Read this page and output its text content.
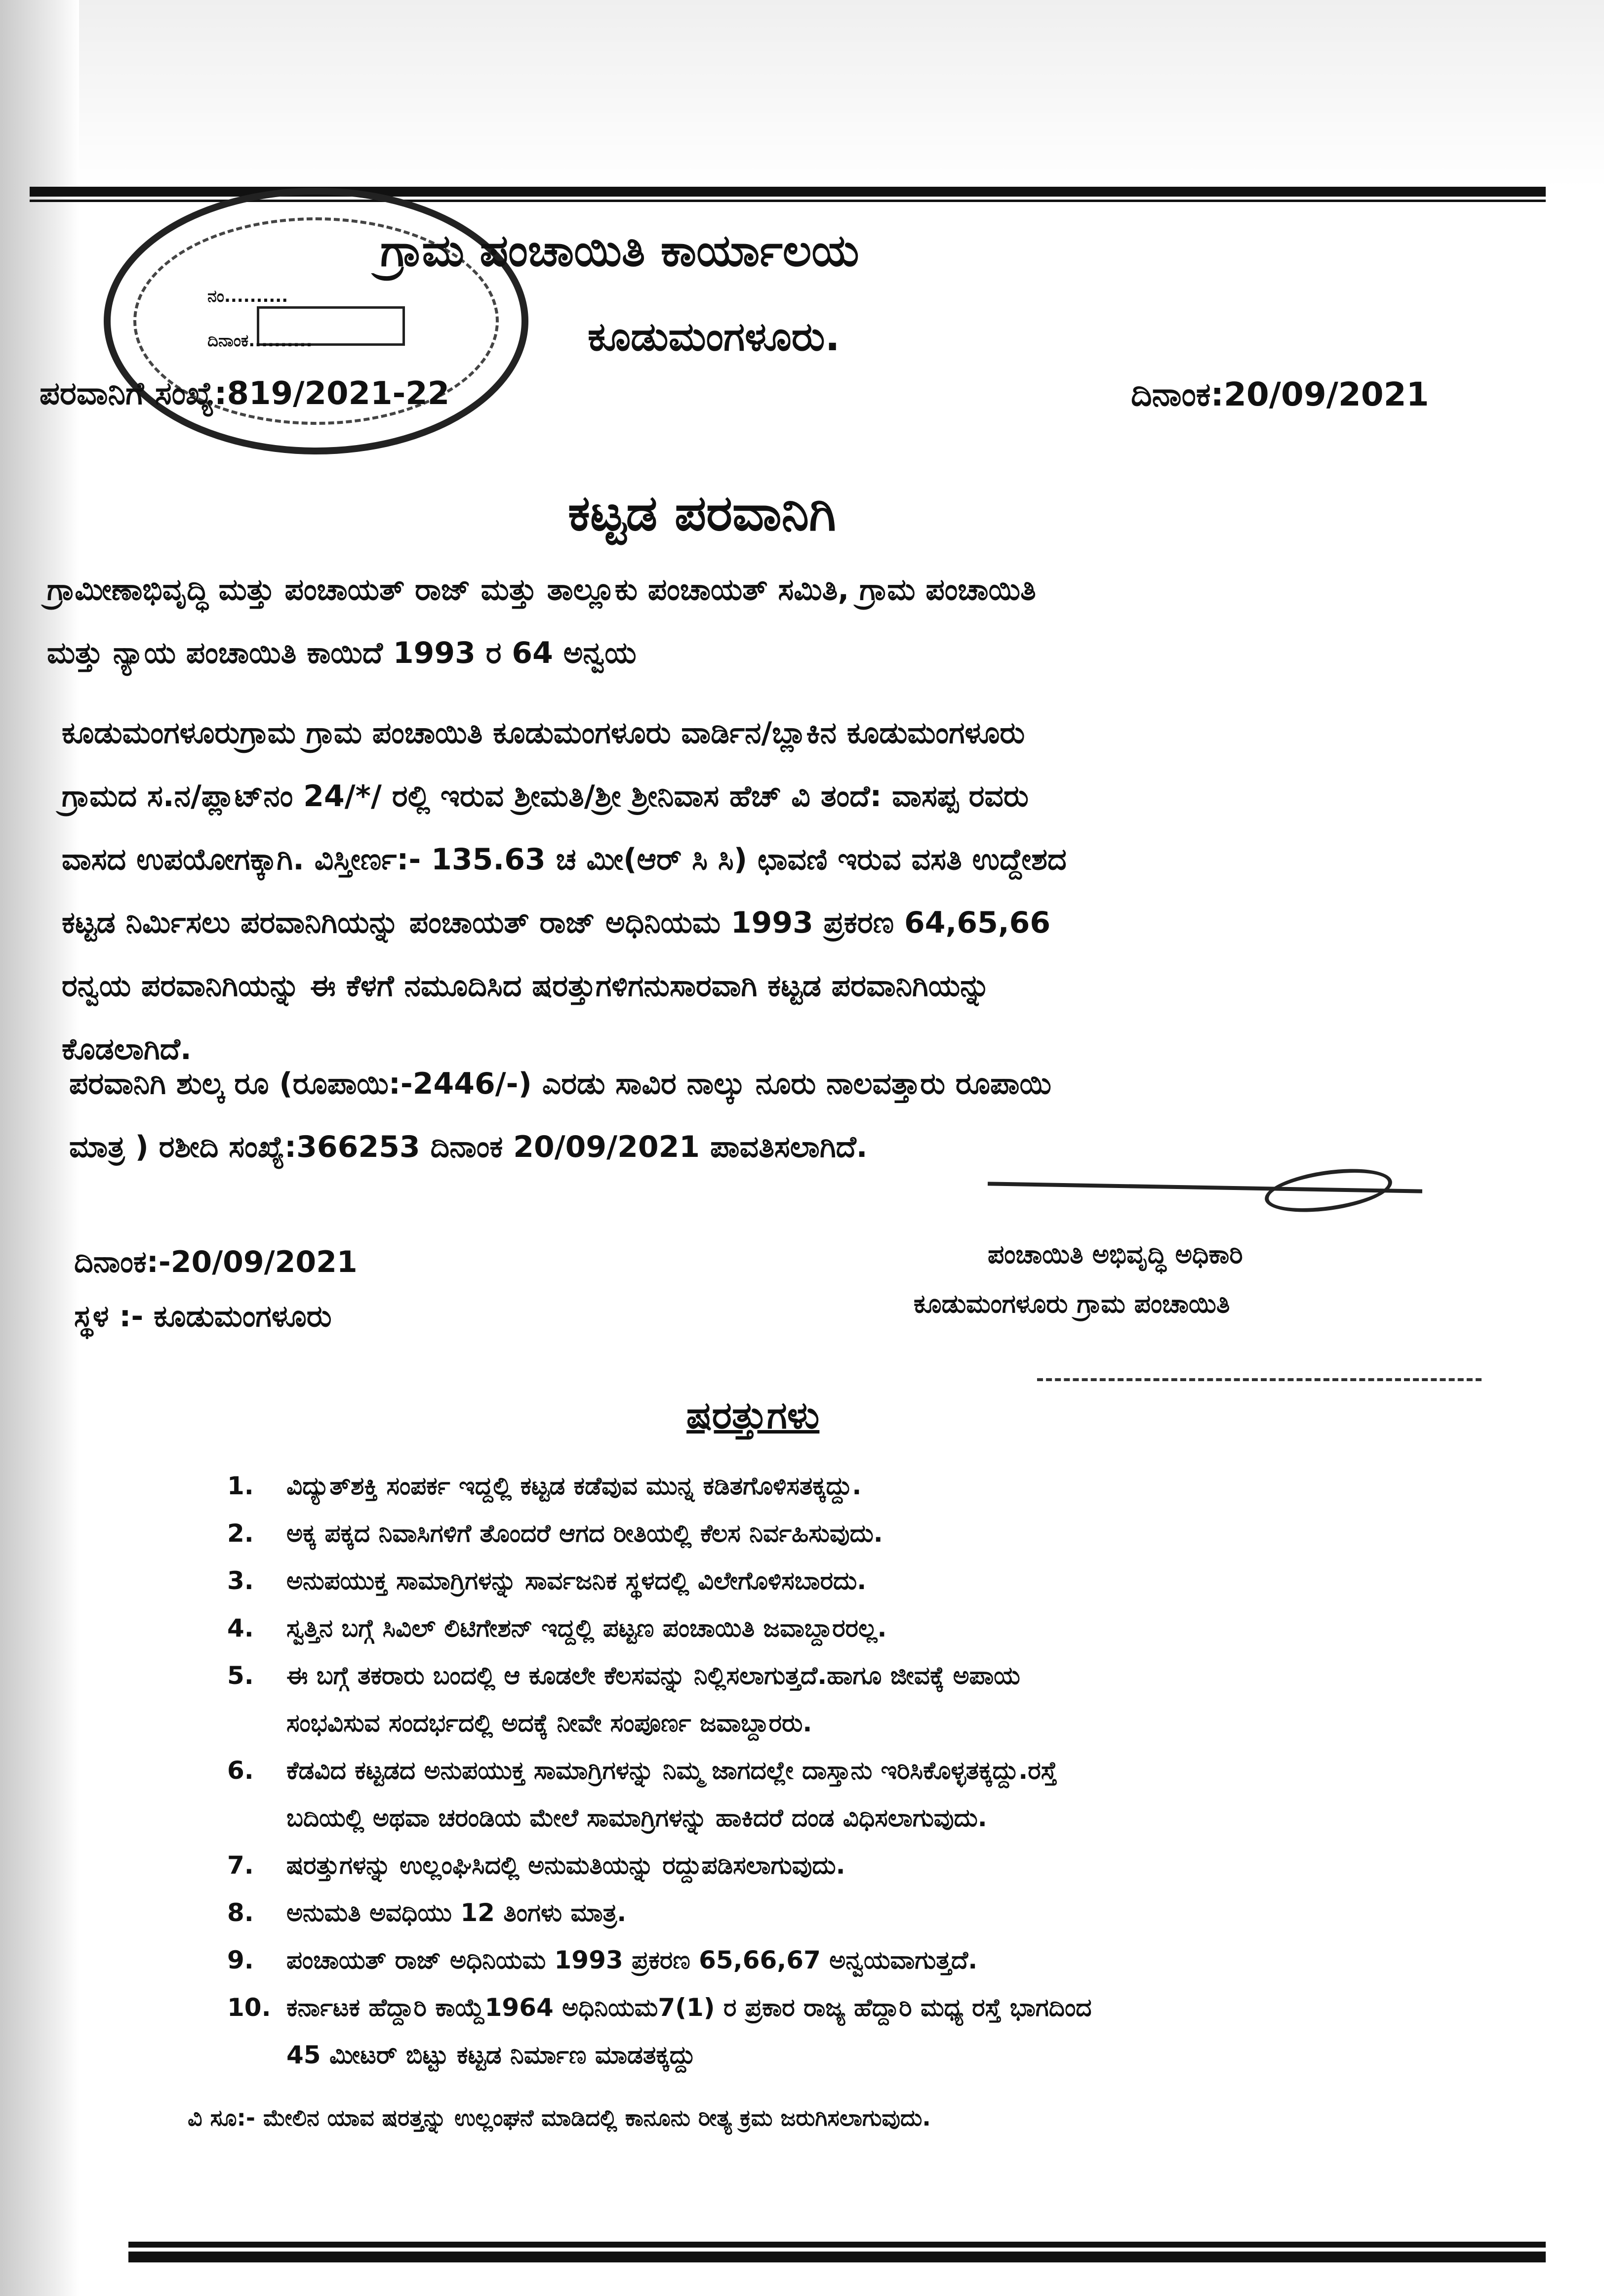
ನಂ..........
ದಿನಾಂಕ..........
ಗ್ರಾಮ ಪಂಚಾಯಿತಿ ಕಾರ್ಯಾಲಯ
ಕೂಡುಮಂಗಳೂರು.
ಪರವಾನಿಗೆ ಸಂಖ್ಯೆ:819/2021-22	ದಿನಾಂಕ:20/09/2021
ಕಟ್ಟಡ ಪರವಾನಿಗಿ
ಗ್ರಾಮೀಣಾಭಿವೃದ್ಧಿ ಮತ್ತು ಪಂಚಾಯತ್ ರಾಜ್ ಮತ್ತು ತಾಲ್ಲೂಕು ಪಂಚಾಯತ್ ಸಮಿತಿ, ಗ್ರಾಮ ಪಂಚಾಯಿತಿ
ಮತ್ತು ನ್ಯಾಯ ಪಂಚಾಯಿತಿ ಕಾಯಿದೆ 1993 ರ 64 ಅನ್ವಯ
ಕೂಡುಮಂಗಳೂರುಗ್ರಾಮ ಗ್ರಾಮ ಪಂಚಾಯಿತಿ ಕೂಡುಮಂಗಳೂರು ವಾರ್ಡಿನ/ಬ್ಲಾಕಿನ ಕೂಡುಮಂಗಳೂರು
ಗ್ರಾಮದ ಸ.ನ/ಪ್ಲಾಟ್‌ನಂ 24/*/ ರಲ್ಲಿ ಇರುವ ಶ್ರೀಮತಿ/ಶ್ರೀ ಶ್ರೀನಿವಾಸ ಹೆಚ್ ವಿ ತಂದೆ: ವಾಸಪ್ಪ ರವರು
ವಾಸದ ಉಪಯೋಗಕ್ಕಾಗಿ. ವಿಸ್ತೀರ್ಣ:- 135.63 ಚ ಮೀ(ಆರ್ ಸಿ ಸಿ) ಛಾವಣಿ ಇರುವ ವಸತಿ ಉದ್ದೇಶದ
ಕಟ್ಟಡ ನಿರ್ಮಿಸಲು ಪರವಾನಿಗಿಯನ್ನು ಪಂಚಾಯತ್ ರಾಜ್ ಅಧಿನಿಯಮ 1993 ಪ್ರಕರಣ 64,65,66
ರನ್ವಯ ಪರವಾನಿಗಿಯನ್ನು ಈ ಕೆಳಗೆ ನಮೂದಿಸಿದ ಷರತ್ತುಗಳಿಗನುಸಾರವಾಗಿ ಕಟ್ಟಡ ಪರವಾನಿಗಿಯನ್ನು
ಕೊಡಲಾಗಿದೆ.
ಪರವಾನಿಗಿ ಶುಲ್ಕ ರೂ (ರೂಪಾಯಿ:-2446/-) ಎರಡು ಸಾವಿರ ನಾಲ್ಕು ನೂರು ನಾಲವತ್ತಾರು ರೂಪಾಯಿ
ಮಾತ್ರ ) ರಶೀದಿ ಸಂಖ್ಯೆ:366253 ದಿನಾಂಕ 20/09/2021 ಪಾವತಿಸಲಾಗಿದೆ.
ಪಂಚಾಯಿತಿ ಅಭಿವೃದ್ಧಿ ಅಧಿಕಾರಿ
ಕೂಡುಮಂಗಳೂರು ಗ್ರಾಮ ಪಂಚಾಯಿತಿ
ದಿನಾಂಕ:-20/09/2021
ಸ್ಥಳ :- ಕೂಡುಮಂಗಳೂರು
ಷರತ್ತುಗಳು
1. ವಿದ್ಯುತ್‌ಶಕ್ತಿ ಸಂಪರ್ಕ ಇದ್ದಲ್ಲಿ ಕಟ್ಟಡ ಕಡೆವುವ ಮುನ್ನ ಕಡಿತಗೊಳಿಸತಕ್ಕದ್ದು.
2. ಅಕ್ಕ ಪಕ್ಕದ ನಿವಾಸಿಗಳಿಗೆ ತೊಂದರೆ ಆಗದ ರೀತಿಯಲ್ಲಿ ಕೆಲಸ ನಿರ್ವಹಿಸುವುದು.
3. ಅನುಪಯುಕ್ತ ಸಾಮಾಗ್ರಿಗಳನ್ನು ಸಾರ್ವಜನಿಕ ಸ್ಥಳದಲ್ಲಿ ವಿಲೇಗೊಳಿಸಬಾರದು.
4. ಸ್ವತ್ತಿನ ಬಗ್ಗೆ ಸಿವಿಲ್ ಲಿಟಿಗೇಶನ್ ಇದ್ದಲ್ಲಿ ಪಟ್ಟಣ ಪಂಚಾಯಿತಿ ಜವಾಬ್ದಾರರಲ್ಲ.
5. ಈ ಬಗ್ಗೆ ತಕರಾರು ಬಂದಲ್ಲಿ ಆ ಕೂಡಲೇ ಕೆಲಸವನ್ನು ನಿಲ್ಲಿಸಲಾಗುತ್ತದೆ.ಹಾಗೂ ಜೀವಕ್ಕೆ ಅಪಾಯ
ಸಂಭವಿಸುವ ಸಂದರ್ಭದಲ್ಲಿ ಅದಕ್ಕೆ ನೀವೇ ಸಂಪೂರ್ಣ ಜವಾಬ್ದಾರರು.
6. ಕೆಡವಿದ ಕಟ್ಟಡದ ಅನುಪಯುಕ್ತ ಸಾಮಾಗ್ರಿಗಳನ್ನು ನಿಮ್ಮ ಜಾಗದಲ್ಲೇ ದಾಸ್ತಾನು ಇರಿಸಿಕೊಳ್ಳತಕ್ಕದ್ದು.ರಸ್ತೆ
ಬದಿಯಲ್ಲಿ ಅಥವಾ ಚರಂಡಿಯ ಮೇಲೆ ಸಾಮಾಗ್ರಿಗಳನ್ನು ಹಾಕಿದರೆ ದಂಡ ವಿಧಿಸಲಾಗುವುದು.
7. ಷರತ್ತುಗಳನ್ನು ಉಲ್ಲಂಘಿಸಿದಲ್ಲಿ ಅನುಮತಿಯನ್ನು ರದ್ದುಪಡಿಸಲಾಗುವುದು.
8. ಅನುಮತಿ ಅವಧಿಯು 12 ತಿಂಗಳು ಮಾತ್ರ.
9. ಪಂಚಾಯತ್ ರಾಜ್ ಅಧಿನಿಯಮ 1993 ಪ್ರಕರಣ 65,66,67 ಅನ್ವಯವಾಗುತ್ತದೆ.
10. ಕರ್ನಾಟಕ ಹೆದ್ದಾರಿ ಕಾಯ್ದೆ1964 ಅಧಿನಿಯಮ7(1) ರ ಪ್ರಕಾರ ರಾಜ್ಯ ಹೆದ್ದಾರಿ ಮಧ್ಯ ರಸ್ತೆ ಭಾಗದಿಂದ
45 ಮೀಟರ್ ಬಿಟ್ಟು ಕಟ್ಟಡ ನಿರ್ಮಾಣ ಮಾಡತಕ್ಕದ್ದು
ವಿ ಸೂ:- ಮೇಲಿನ ಯಾವ ಷರತ್ತನ್ನು ಉಲ್ಲಂಘನೆ ಮಾಡಿದಲ್ಲಿ ಕಾನೂನು ರೀತ್ಯ ಕ್ರಮ ಜರುಗಿಸಲಾಗುವುದು.
